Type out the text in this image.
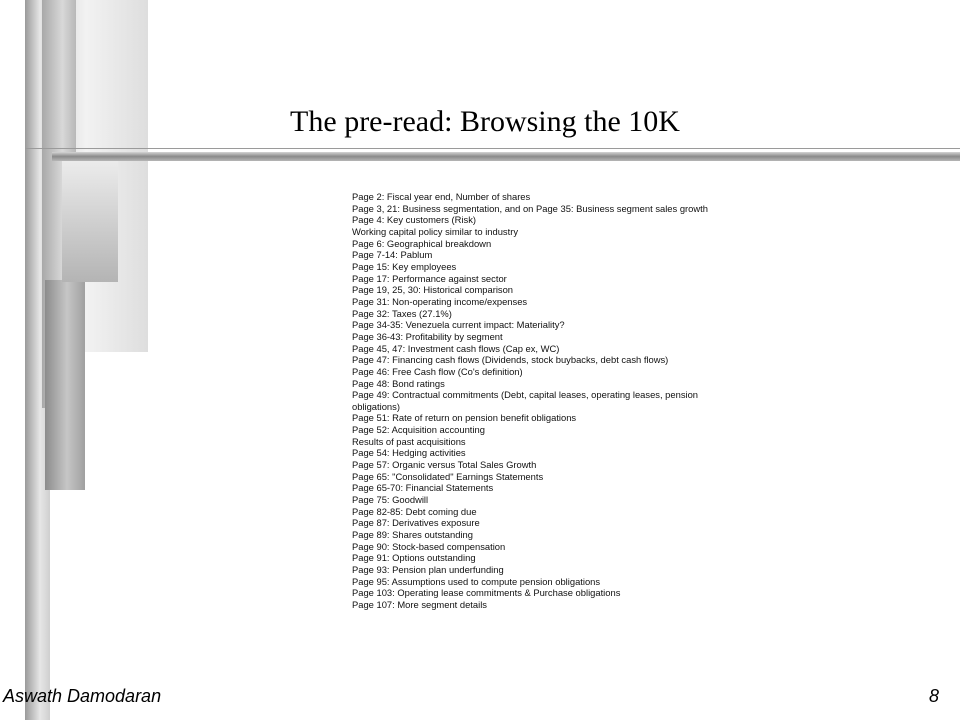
The pre-read: Browsing the 10K
Page 2: Fiscal year end, Number of shares
Page 3, 21: Business segmentation, and on Page 35: Business segment sales growth
Page 4: Key customers (Risk)
Working capital policy similar to industry
Page 6: Geographical breakdown
Page 7-14: Pablum
Page 15: Key employees
Page 17: Performance against sector
Page 19, 25, 30: Historical comparison
Page 31: Non-operating income/expenses
Page 32: Taxes (27.1%)
Page 34-35: Venezuela current impact: Materiality?
Page 36-43: Profitability by segment
Page 45, 47: Investment cash flows (Cap ex, WC)
Page 47: Financing cash flows (Dividends, stock buybacks, debt cash flows)
Page 46: Free Cash flow (Co's definition)
Page 48: Bond ratings
Page 49: Contractual commitments (Debt, capital leases, operating leases, pension obligations)
Page 51: Rate of return on pension benefit obligations
Page 52: Acquisition accounting
Results of past acquisitions
Page 54: Hedging activities
Page 57: Organic versus Total Sales Growth
Page 65: "Consolidated" Earnings Statements
Page 65-70: Financial Statements
Page 75: Goodwill
Page 82-85: Debt coming due
Page 87: Derivatives exposure
Page 89: Shares outstanding
Page 90: Stock-based compensation
Page 91: Options outstanding
Page 93: Pension plan underfunding
Page 95: Assumptions used to compute pension obligations
Page 103: Operating lease commitments & Purchase obligations
Page 107: More segment details
Aswath Damodaran	8
